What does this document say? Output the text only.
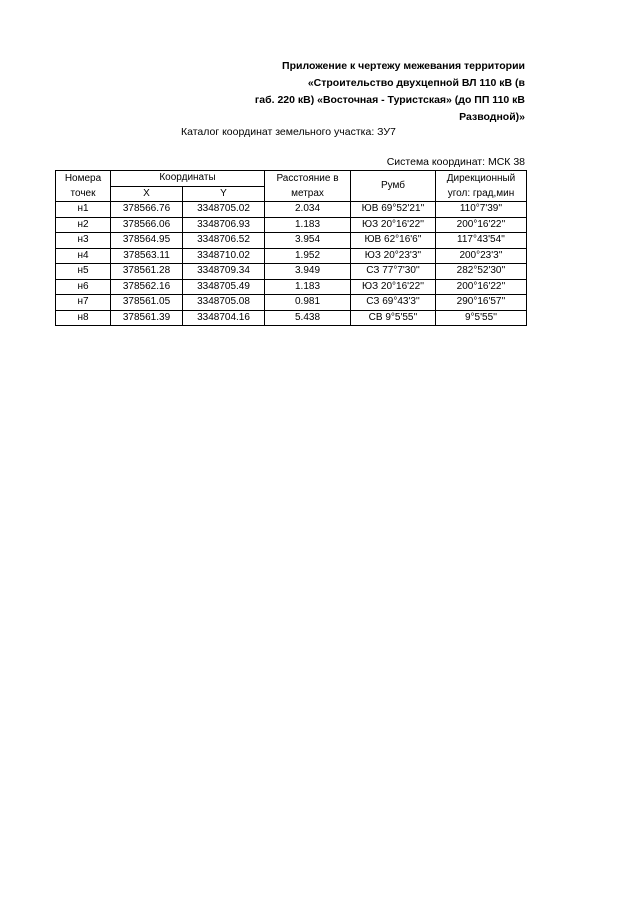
Приложение к чертежу межевания территории
«Строительство двухцепной ВЛ 110 кВ (в
габ. 220 кВ) «Восточная - Туристская» (до ПП 110 кВ
Разводной)»
Каталог координат земельного участка: ЗУ7
Система координат: МСК 38
Номера	Координаты		Расстояние в	Румб	Дирекционный
точек	X	Y	метрах		угол: град,мин
н1	378566.76	3348705.02	2.034	ЮВ 69°52'21''	110°7'39''
н2	378566.06	3348706.93	1.183	ЮЗ 20°16'22''	200°16'22''
н3	378564.95	3348706.52	3.954	ЮВ 62°16'6''	117°43'54''
н4	378563.11	3348710.02	1.952	ЮЗ 20°23'3''	200°23'3''
н5	378561.28	3348709.34	3.949	СЗ 77°7'30''	282°52'30''
н6	378562.16	3348705.49	1.183	ЮЗ 20°16'22''	200°16'22''
н7	378561.05	3348705.08	0.981	СЗ 69°43'3''	290°16'57''
н8	378561.39	3348704.16	5.438	СВ 9°5'55''	9°5'55''
